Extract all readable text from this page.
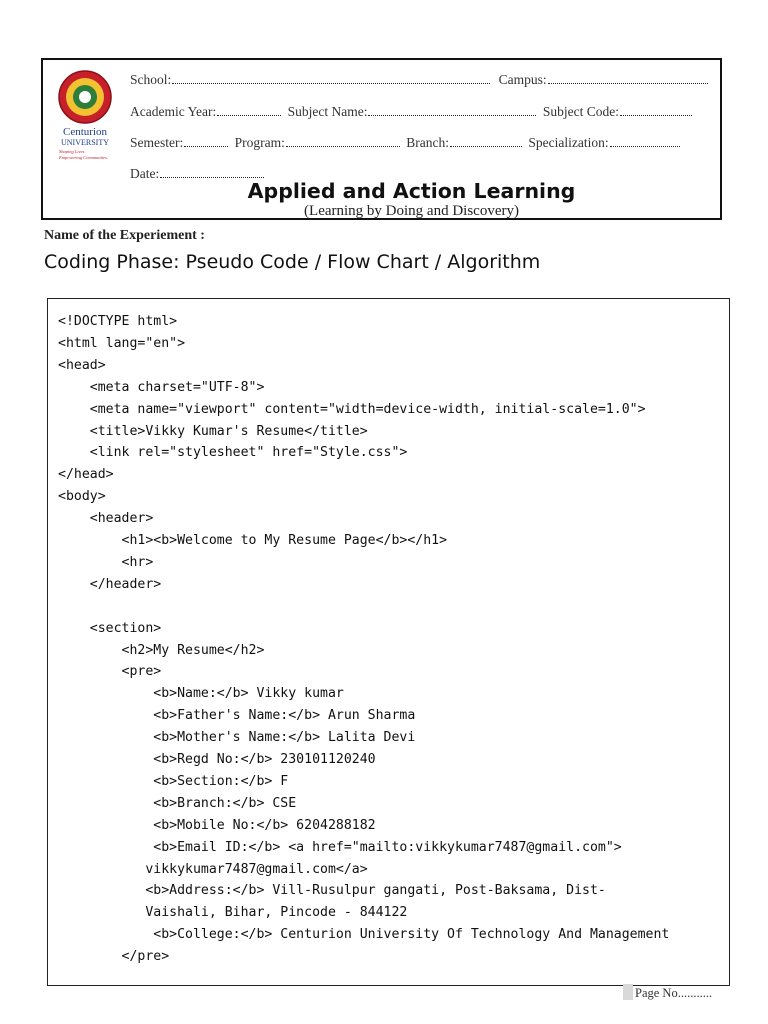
Centurion
UNIVERSITY
Shaping Lives.
Empowering Communities.
School:	Campus:
Academic Year:	Subject Name:	Subject Code:
Semester:	Program:	Branch:	Specialization:
Date:
Applied and Action Learning
(Learning by Doing and Discovery)
Name of the Experiement :
Coding Phase: Pseudo Code / Flow Chart / Algorithm
<!DOCTYPE html>
<html lang="en">
<head>
<meta charset="UTF-8">
<meta name="viewport" content="width=device-width, initial-scale=1.0">
<title>Vikky Kumar's Resume</title>
<link rel="stylesheet" href="Style.css">
</head>
<body>
<header>
<h1><b>Welcome to My Resume Page</b></h1>
<hr>
</header>
<section>
<h2>My Resume</h2>
<pre>
<b>Name:</b> Vikky kumar
<b>Father's Name:</b> Arun Sharma
<b>Mother's Name:</b> Lalita Devi
<b>Regd No:</b> 230101120240
<b>Section:</b> F
<b>Branch:</b> CSE
<b>Mobile No:</b> 6204288182
<b>Email ID:</b> <a href="mailto:vikkykumar7487@gmail.com">
vikkykumar7487@gmail.com</a>
<b>Address:</b> Vill-Rusulpur gangati, Post-Baksama, Dist-
Vaishali, Bihar, Pincode - 844122
<b>College:</b> Centurion University Of Technology And Management
</pre>
Page No...........
